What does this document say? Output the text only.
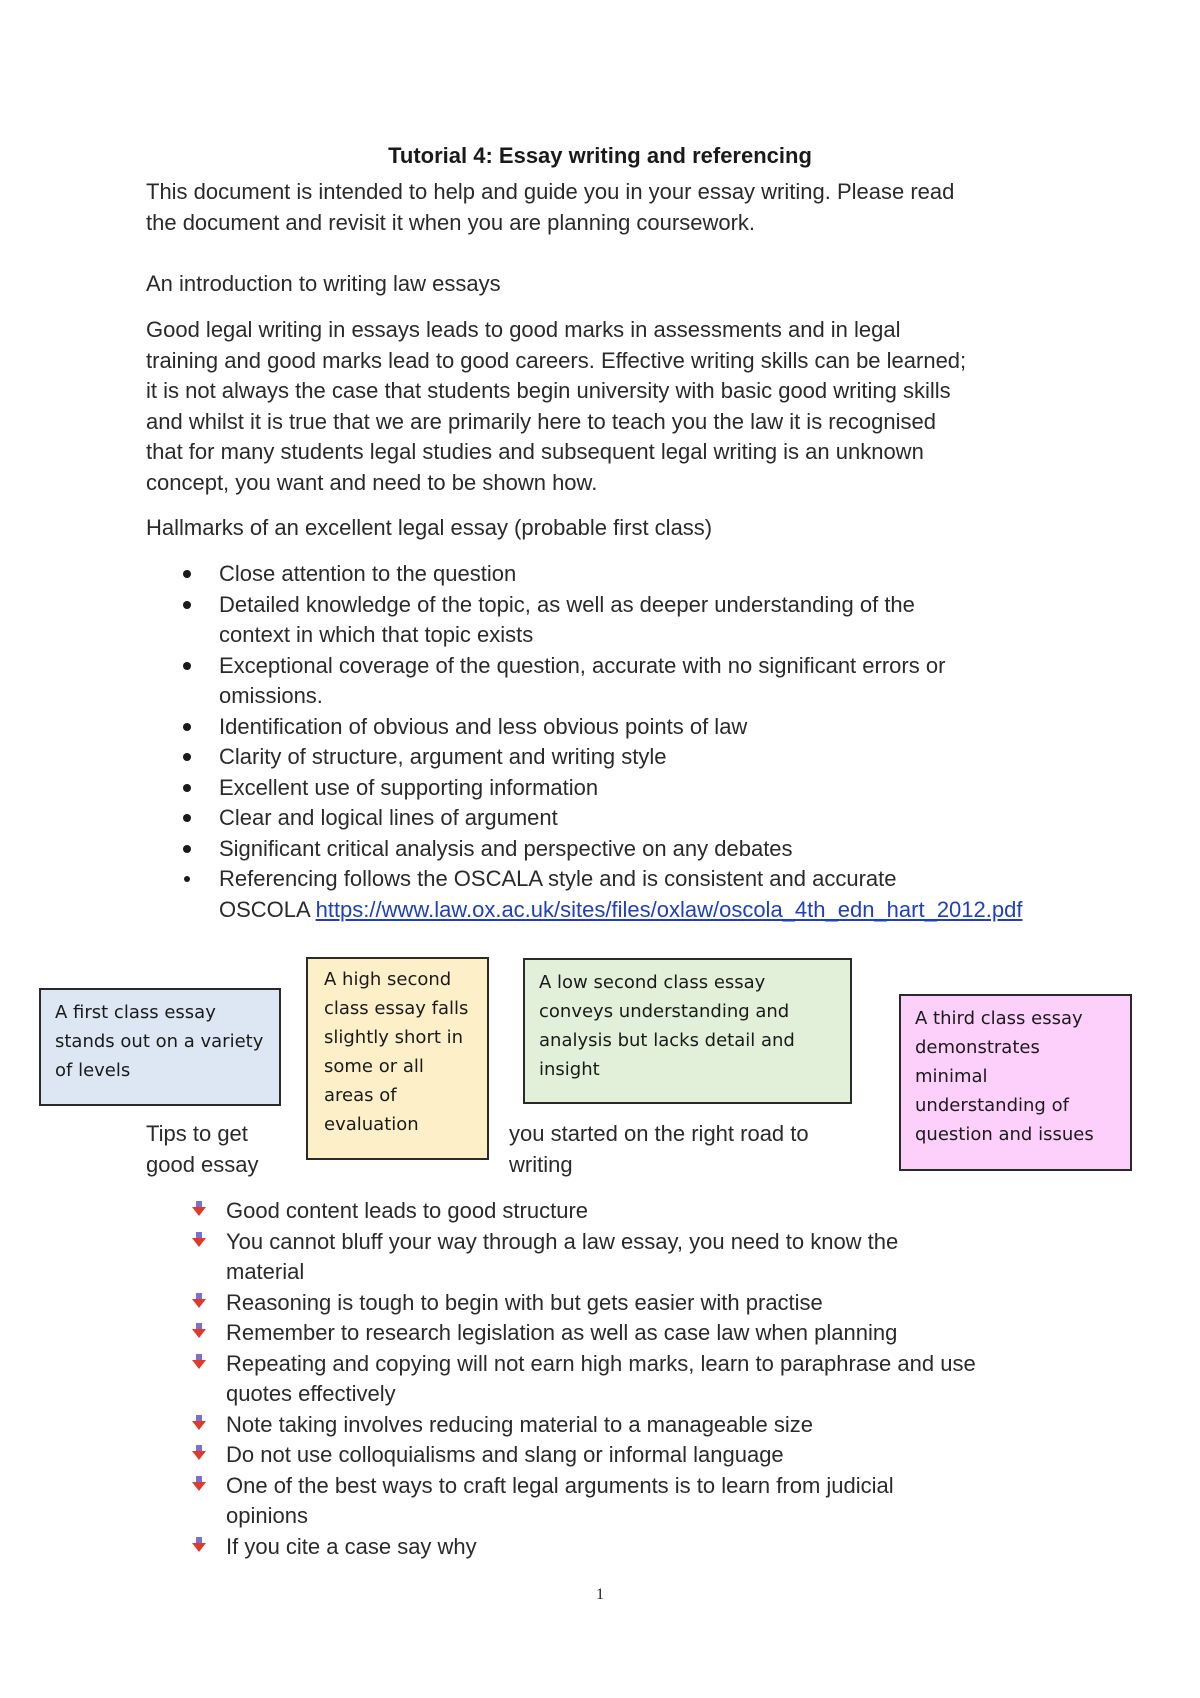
Tutorial 4: Essay writing and referencing
This document is intended to help and guide you in your essay writing. Please read
the document and revisit it when you are planning coursework.
An introduction to writing law essays
Good legal writing in essays leads to good marks in assessments and in legal
training and good marks lead to good careers. Effective writing skills can be learned;
it is not always the case that students begin university with basic good writing skills
and whilst it is true that we are primarily here to teach you the law it is recognised
that for many students legal studies and subsequent legal writing is an unknown
concept, you want and need to be shown how.
Hallmarks of an excellent legal essay (probable first class)
Close attention to the question
Detailed knowledge of the topic, as well as deeper understanding of the
context in which that topic exists
Exceptional coverage of the question, accurate with no significant errors or
omissions.
Identification of obvious and less obvious points of law
Clarity of structure, argument and writing style
Excellent use of supporting information
Clear and logical lines of argument
Significant critical analysis and perspective on any debates
Referencing follows the OSCALA style and is consistent and accurate
OSCOLA https://www.law.ox.ac.uk/sites/files/oxlaw/oscola_4th_edn_hart_2012.pdf
A first class essay
stands out on a variety
of levels
A high second
class essay falls
slightly short in
some or all
areas of
evaluation
A low second class essay
conveys understanding and
analysis but lacks detail and
insight
A third class essay
demonstrates
minimal
understanding of
question and issues
Tips to get
good essay
you started on the right road to
writing
Good content leads to good structure
You cannot bluff your way through a law essay, you need to know the
material
Reasoning is tough to begin with but gets easier with practise
Remember to research legislation as well as case law when planning
Repeating and copying will not earn high marks, learn to paraphrase and use
quotes effectively
Note taking involves reducing material to a manageable size
Do not use colloquialisms and slang or informal language
One of the best ways to craft legal arguments is to learn from judicial
opinions
If you cite a case say why
1
